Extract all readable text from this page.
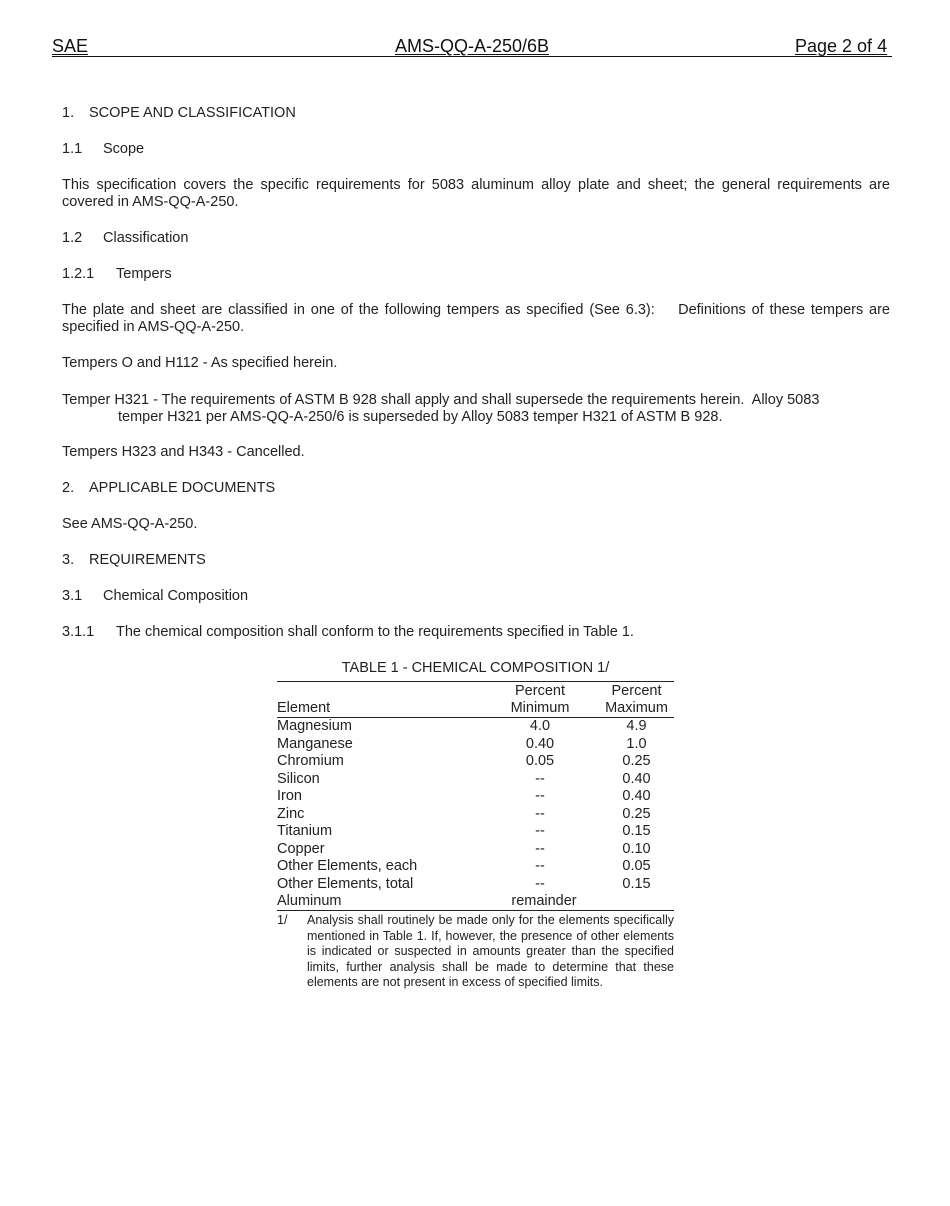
SAE	AMS-QQ-A-250/6B	Page 2 of 4
1. SCOPE AND CLASSIFICATION
1.1 Scope
This specification covers the specific requirements for 5083 aluminum alloy plate and sheet; the general requirements are covered in AMS-QQ-A-250.
1.2 Classification
1.2.1 Tempers
The plate and sheet are classified in one of the following tempers as specified (See 6.3):    Definitions of these tempers are specified in AMS-QQ-A-250.
Tempers O and H112 - As specified herein.
Temper H321 - The requirements of ASTM B 928 shall apply and shall supersede the requirements herein.  Alloy 5083
temper H321 per AMS-QQ-A-250/6 is superseded by Alloy 5083 temper H321 of ASTM B 928.
Tempers H323 and H343 - Cancelled.
2. APPLICABLE DOCUMENTS
See AMS-QQ-A-250.
3. REQUIREMENTS
3.1 Chemical Composition
3.1.1 The chemical composition shall conform to the requirements specified in Table 1.
TABLE 1 - CHEMICAL COMPOSITION 1/
Percent	Percent
Element	Minimum	Maximum
Magnesium	4.0	4.9
Manganese	0.40	1.0
Chromium	0.05	0.25
Silicon	--	0.40
Iron	--	0.40
Zinc	--	0.25
Titanium	--	0.15
Copper	--	0.10
Other Elements, each	--	0.05
Other Elements, total	--	0.15
Aluminum	remainder
1/ Analysis shall routinely be made only for the elements specifically mentioned in Table 1. If, however, the presence of other elements is indicated or suspected in amounts greater than the specified limits, further analysis shall be made to determine that these elements are not present in excess of specified limits.
